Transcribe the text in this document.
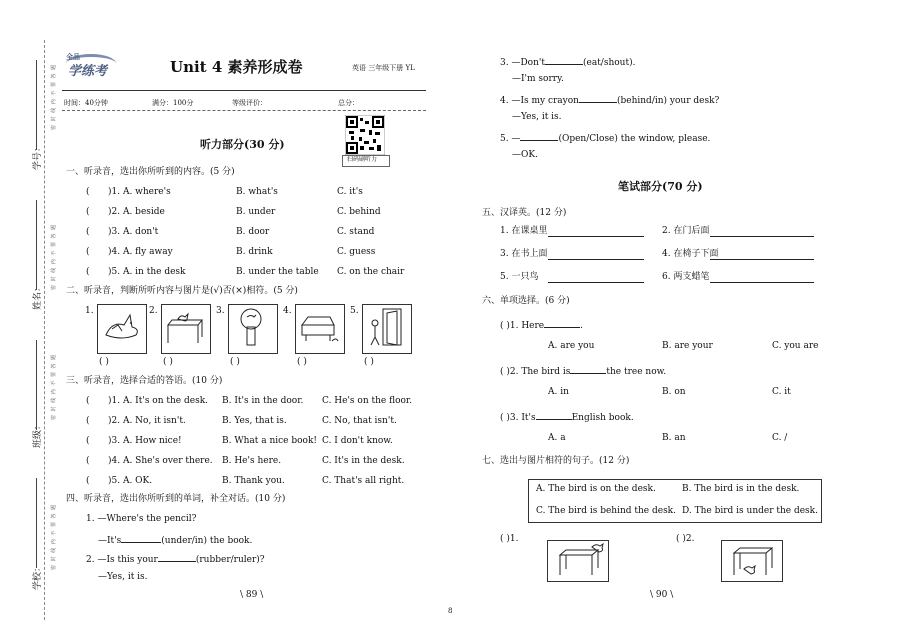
学号：
姓名：
班级：
学校：
密 封 线 内 不 要 答 题
密 封 线 内 不 要 答 题
密 封 线 内 不 要 答 题
密 封 线 内 不 要 答 题
全品
学练考	Unit 4 素养形成卷	英语 三年级下册 YL
时间：40分钟	满分：100分	等级评价：	总分：
扫码刷听力
听力部分(30 分)
一、听录音，选出你所听到的内容。(5 分)
( )1. A. where's	B. what's	C. it's
( )2. A. beside	B. under	C. behind
( )3. A. don't	B. door	C. stand
( )4. A. fly away	B. drink	C. guess
( )5. A. in the desk	B. under the table C. on the chair
二、听录音，判断所听内容与图片是(√)否(×)相符。(5 分)
1.
( )
2.
( )
3.
( )
4.
( )
5.
( )
三、听录音，选择合适的答语。(10 分)
( )1. A. It's on the desk. B. It's in the door. C. He's on the floor.
( )2. A. No, it isn't.	B. Yes, that is.	C. No, that isn't.
( )3. A. How nice!	B. What a nice book! C. I don't know.
( )4. A. She's over there. B. He's here.	C. It's in the desk.
( )5. A. OK.	B. Thank you.	C. That's all right.
四、听录音，选出你所听到的单词，补全对话。(10 分)
1. —Where's the pencil?
—It's	(under/in) the book.
2. —Is this your	(rubber/ruler)?
—Yes, it is.
3. —Don't	(eat/shout).
—I'm sorry.
4. —Is my crayon	(behind/in) your desk?
—Yes, it is.
5. —	(Open/Close) the window, please.
—OK.
笔试部分(70 分)
五、汉译英。(12 分)
1. 在课桌里	2. 在门后面
3. 在书上面	4. 在椅子下面
5. 一只鸟	6. 两支蜡笔
六、单项选择。(6 分)
( )1. Here	.
A. are you	B. are your	C. you are
( )2. The bird is	the tree now.
A. in	B. on	C. it
( )3. It's	English book.
A. a	B. an	C. /
七、选出与图片相符的句子。(12 分)
A. The bird is on the desk.	B. The bird is in the desk.
C. The bird is behind the desk. D. The bird is under the desk.
( )1.	( )2.
\ 89 \
8
\ 90 \
